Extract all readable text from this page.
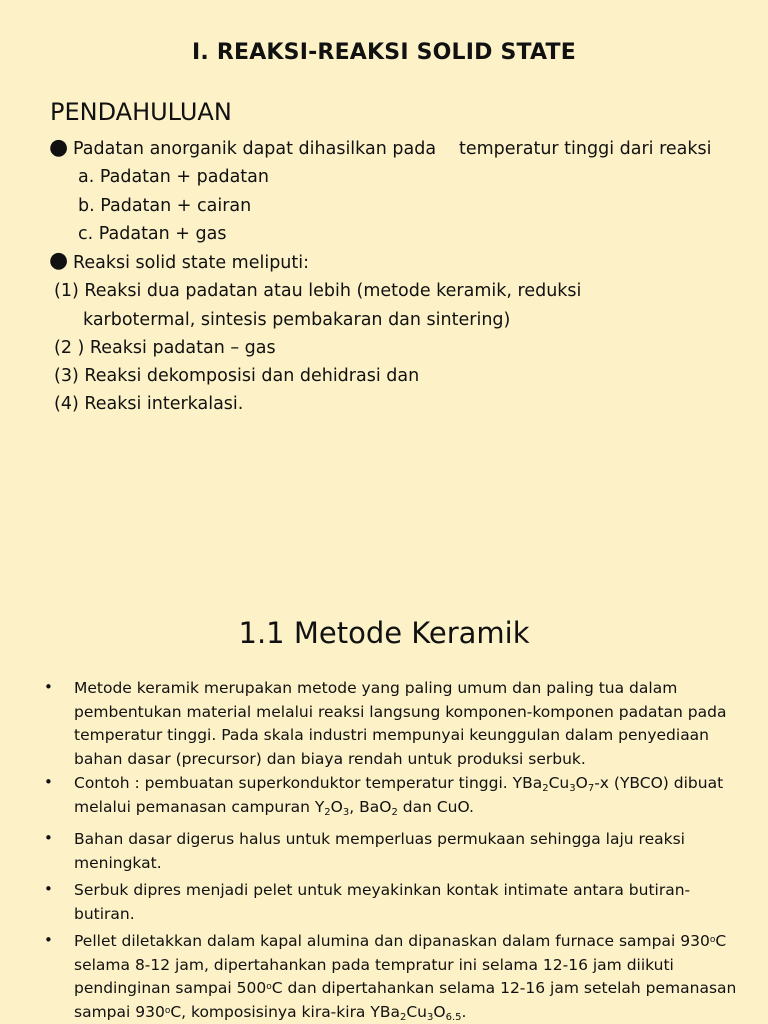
I. REAKSI-REAKSI SOLID STATE
PENDAHULUAN
● Padatan anorganik dapat dihasilkan pada temperatur tinggi dari reaksi
a. Padatan + padatan
b. Padatan + cairan
c. Padatan + gas
● Reaksi solid state meliputi:
(1) Reaksi dua padatan atau lebih (metode keramik, reduksi
karbotermal, sintesis pembakaran dan sintering)
(2 ) Reaksi padatan – gas
(3) Reaksi dekomposisi dan dehidrasi dan
(4) Reaksi interkalasi.
1.1 Metode Keramik
• Metode keramik merupakan metode yang paling umum dan paling tua dalam pembentukan material melalui reaksi langsung komponen-komponen padatan pada temperatur tinggi. Pada skala industri mempunyai keunggulan dalam penyediaan bahan dasar (precursor) dan biaya rendah untuk produksi serbuk.
• Contoh : pembuatan superkonduktor temperatur tinggi. $YBa_2Cu_3O_7-x$ (YBCO) dibuat melalui pemanasan campuran $Y_2O_3$, BaO$_2$ dan CuO.
• Bahan dasar digerus halus untuk memperluas permukaan sehingga laju reaksi meningkat.
• Serbuk dipres menjadi pelet untuk meyakinkan kontak intimate antara butiran-butiran.
• Pellet diletakkan dalam kapal alumina dan dipanaskan dalam furnace sampai 930$^o$C selama 8-12 jam, dipertahankan pada tempratur ini selama 12-16 jam diikuti pendinginan sampai 500$^o$C dan dipertahankan selama 12-16 jam setelah pemanasan sampai 930$^o$C, komposisinya kira-kira $YBa_2Cu_3O_{6.5}$.
